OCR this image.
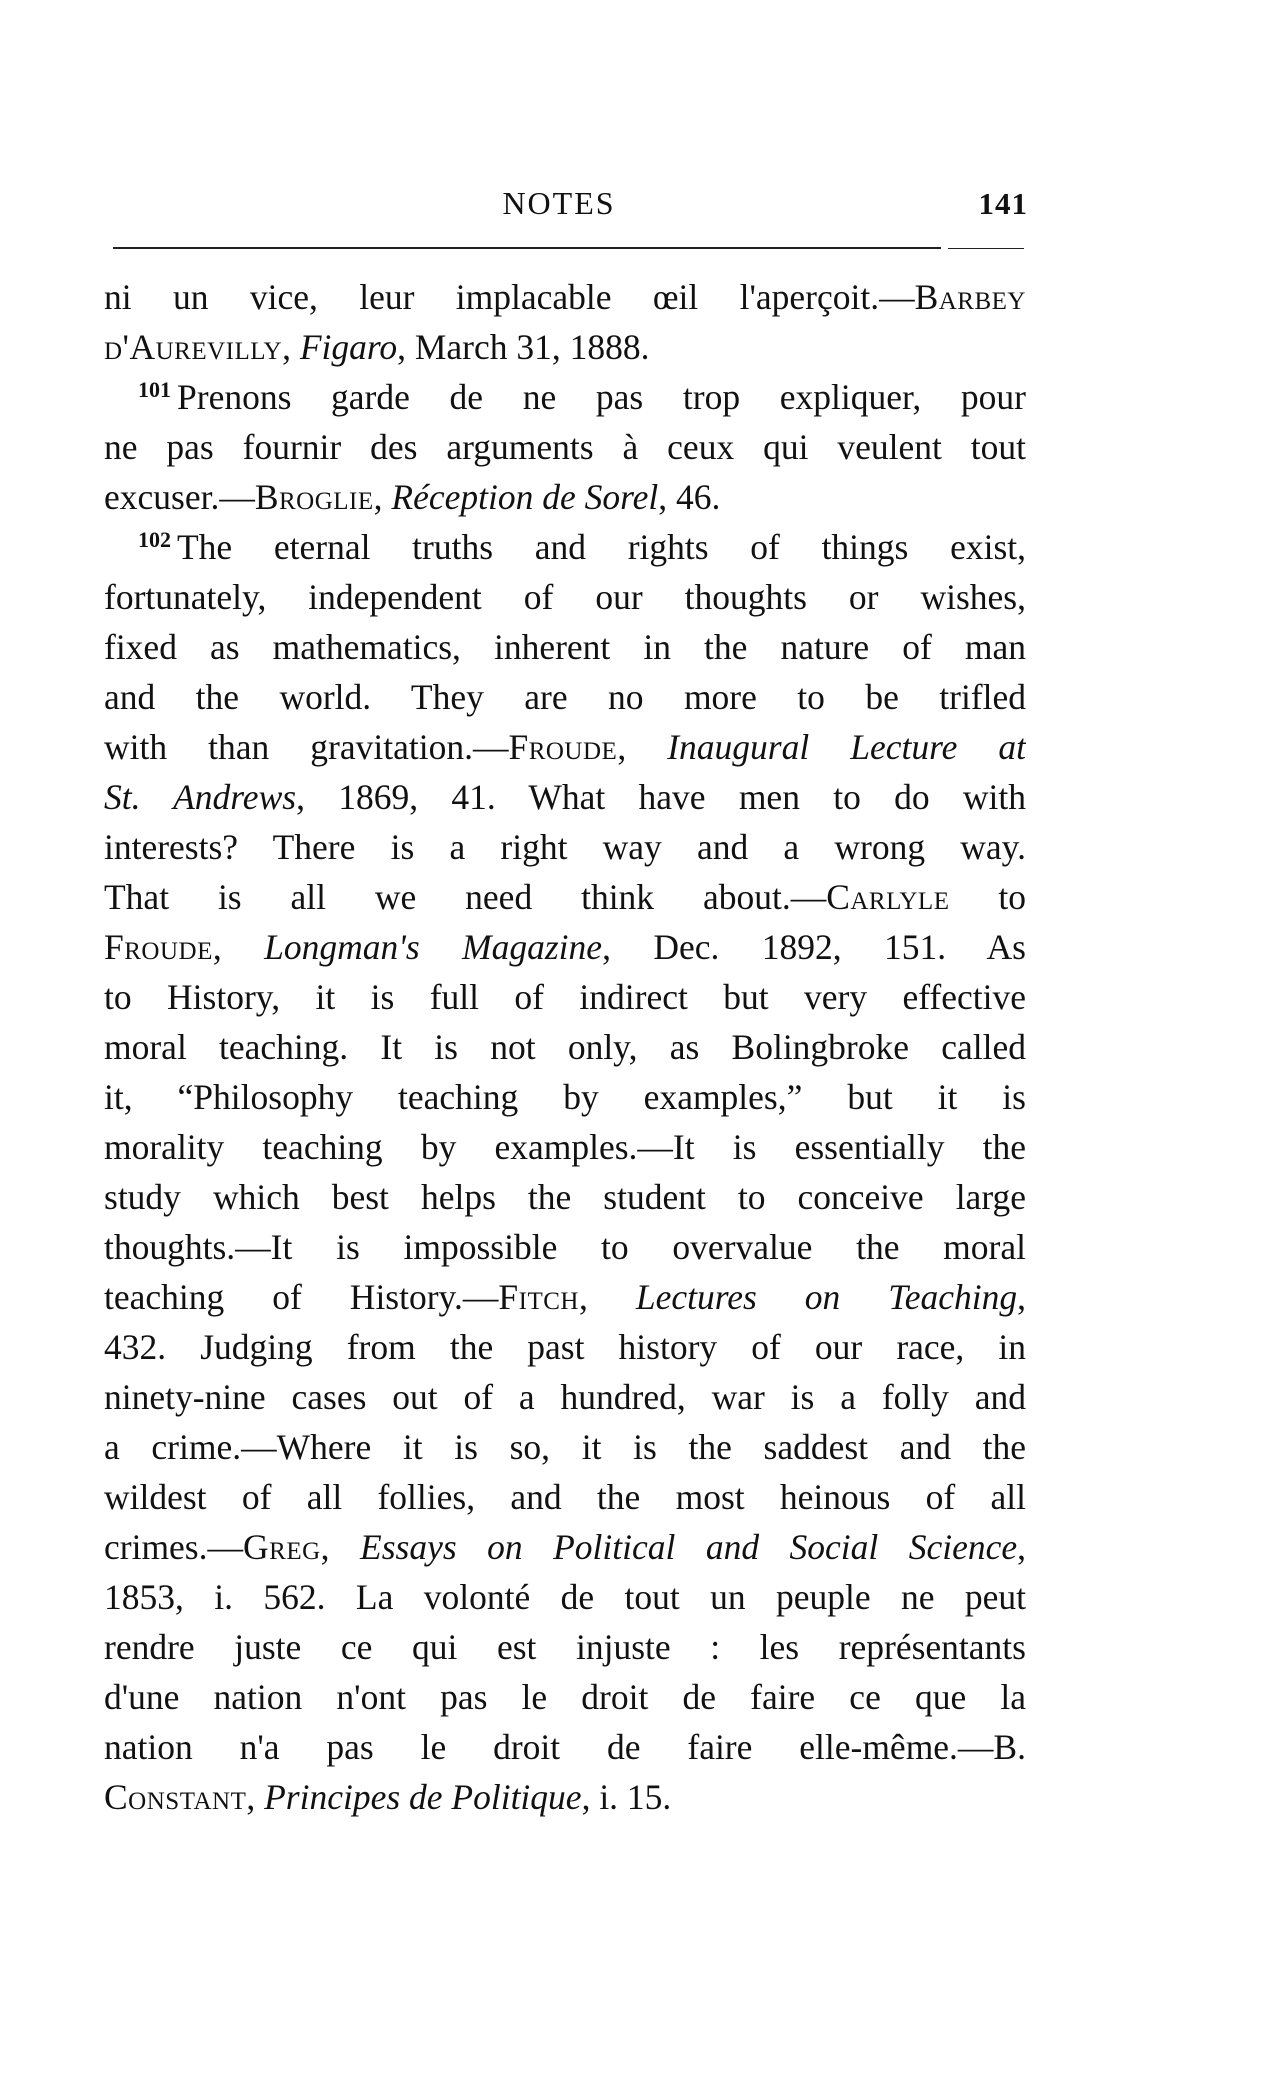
NOTES	141
ni un vice, leur implacable œil l'aperçoit.—Barbey
d'Aurevilly, Figaro, March 31, 1888.
$^{101}$ Prenons garde de ne pas trop expliquer, pour
ne pas fournir des arguments à ceux qui veulent tout
excuser.—Broglie, Réception de Sorel, 46.
$^{102}$ The eternal truths and rights of things exist,
fortunately, independent of our thoughts or wishes,
fixed as mathematics, inherent in the nature of man
and the world. They are no more to be trifled
with than gravitation.—Froude, Inaugural Lecture at
St. Andrews, 1869, 41. What have men to do with
interests? There is a right way and a wrong way.
That is all we need think about.—Carlyle to
Froude, Longman's Magazine, Dec. 1892, 151. As
to History, it is full of indirect but very effective
moral teaching. It is not only, as Bolingbroke called
it, “Philosophy teaching by examples,” but it is
morality teaching by examples.—It is essentially the
study which best helps the student to conceive large
thoughts.—It is impossible to overvalue the moral
teaching of History.—Fitch, Lectures on Teaching,
432. Judging from the past history of our race, in
ninety-nine cases out of a hundred, war is a folly and
a crime.—Where it is so, it is the saddest and the
wildest of all follies, and the most heinous of all
crimes.—Greg, Essays on Political and Social Science,
1853, i. 562. La volonté de tout un peuple ne peut
rendre juste ce qui est injuste : les représentants
d'une nation n'ont pas le droit de faire ce que la
nation n'a pas le droit de faire elle-même.—B.
Constant, Principes de Politique, i. 15.
